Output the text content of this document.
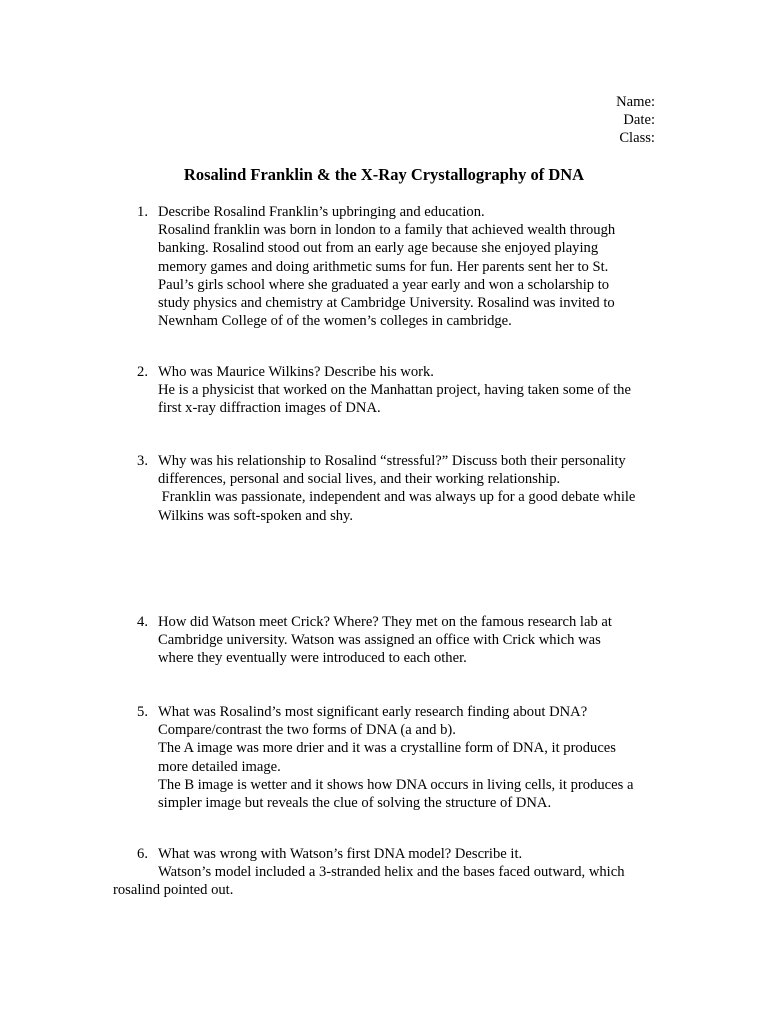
Name:
Date:
Class:
Rosalind Franklin & the X-Ray Crystallography of DNA
1. Describe Rosalind Franklin’s upbringing and education.
Rosalind franklin was born in london to a family that achieved wealth through
banking. Rosalind stood out from an early age because she enjoyed playing
memory games and doing arithmetic sums for fun. Her parents sent her to St.
Paul’s girls school where she graduated a year early and won a scholarship to
study physics and chemistry at Cambridge University. Rosalind was invited to
Newnham College of of the women’s colleges in cambridge.
2. Who was Maurice Wilkins? Describe his work.
He is a physicist that worked on the Manhattan project, having taken some of the
first x-ray diffraction images of DNA.
3. Why was his relationship to Rosalind “stressful?” Discuss both their personality
differences, personal and social lives, and their working relationship.
Franklin was passionate, independent and was always up for a good debate while
Wilkins was soft-spoken and shy.
4. How did Watson meet Crick? Where? They met on the famous research lab at
Cambridge university. Watson was assigned an office with Crick which was
where they eventually were introduced to each other.
5. What was Rosalind’s most significant early research finding about DNA?
Compare/contrast the two forms of DNA (a and b).
The A image was more drier and it was a crystalline form of DNA, it produces
more detailed image.
The B image is wetter and it shows how DNA occurs in living cells, it produces a
simpler image but reveals the clue of solving the structure of DNA.
6. What was wrong with Watson’s first DNA model? Describe it.
Watson’s model included a 3-stranded helix and the bases faced outward, which
rosalind pointed out.
